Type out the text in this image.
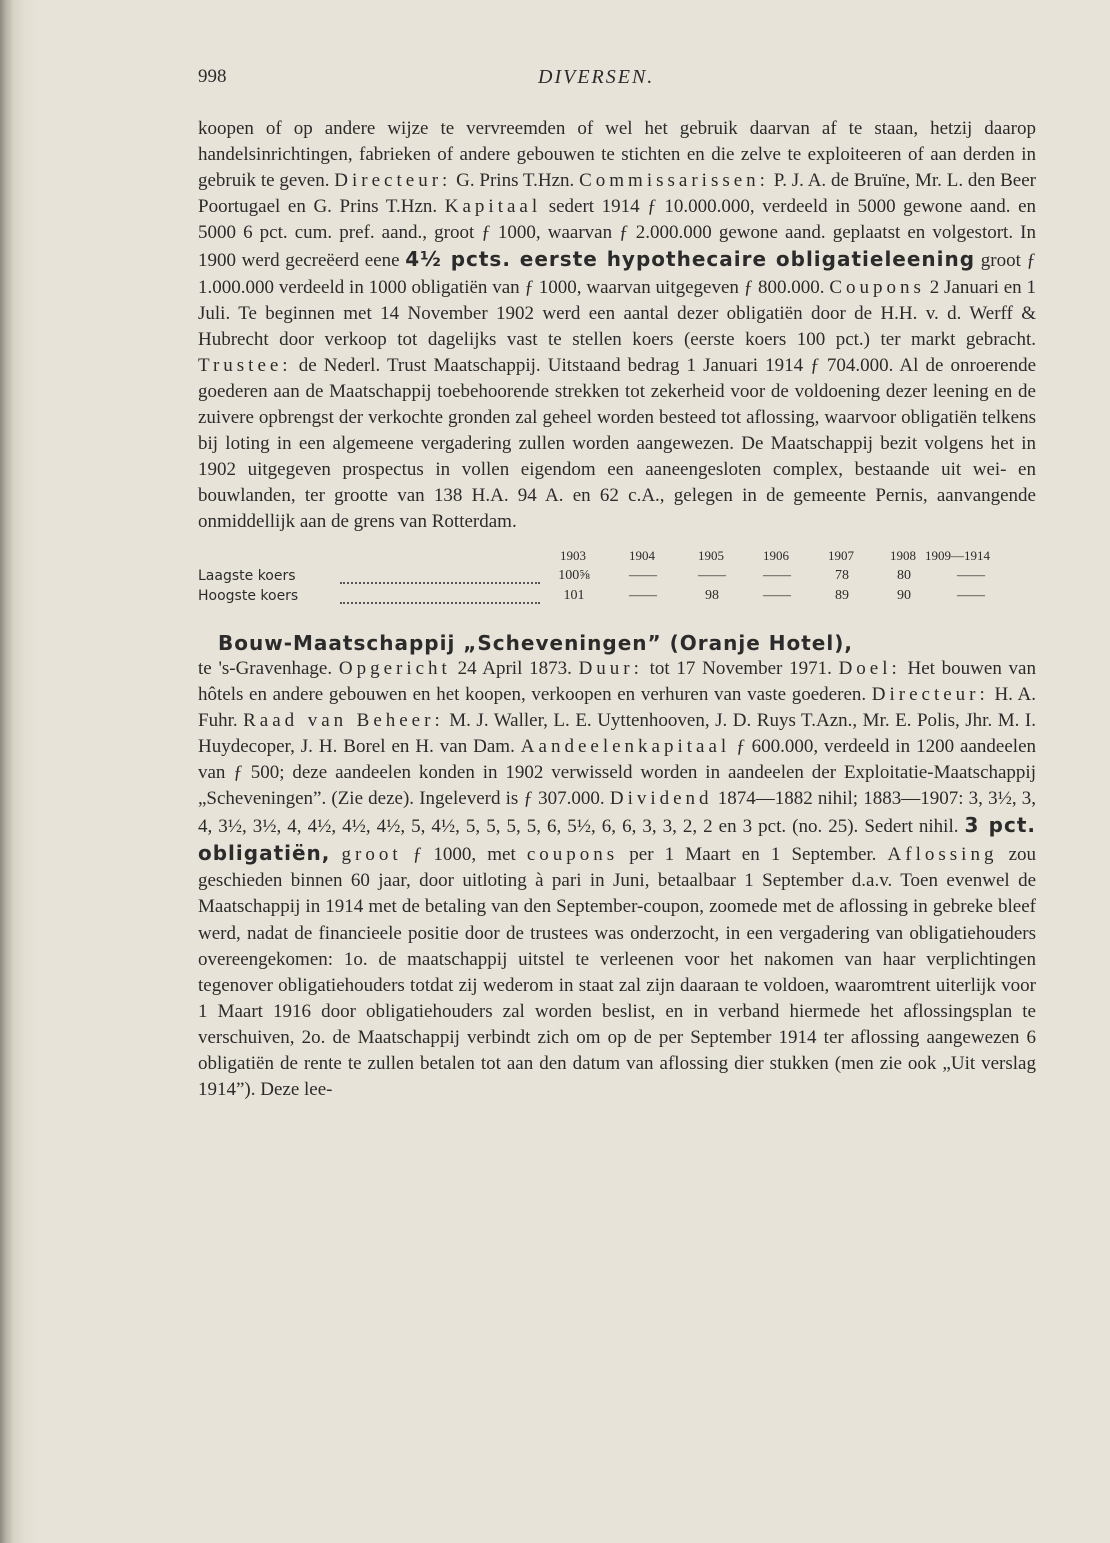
998	DIVERSEN.

koopen of op andere wijze te vervreemden of wel het gebruik daarvan af te staan, hetzij daarop handelsinrichtingen, fabrieken of andere gebouwen te stichten en die zelve te exploiteeren of aan derden in gebruik te geven. Directeur: G. Prins T.Hzn. Commissarissen: P. J. A. de Bruïne, Mr. L. den Beer Poortugael en G. Prins T.Hzn. Kapitaal sedert 1914 ƒ 10.000.000, verdeeld in 5000 gewone aand. en 5000 6 pct. cum. pref. aand., groot ƒ 1000, waarvan ƒ 2.000.000 gewone aand. geplaatst en volgestort. In 1900 werd gecreëerd eene 4½ pcts. eerste hypothecaire obligatieleening groot ƒ 1.000.000 verdeeld in 1000 obligatiën van ƒ 1000, waarvan uitgegeven ƒ 800.000. Coupons 2 Januari en 1 Juli. Te beginnen met 14 November 1902 werd een aantal dezer obligatiën door de H.H. v. d. Werff & Hubrecht door verkoop tot dagelijks vast te stellen koers (eerste koers 100 pct.) ter markt gebracht. Trustee: de Nederl. Trust Maatschappij. Uitstaand bedrag 1 Januari 1914 ƒ 704.000. Al de onroerende goederen aan de Maatschappij toebehoorende strekken tot zekerheid voor de voldoening dezer leening en de zuivere opbrengst der verkochte gronden zal geheel worden besteed tot aflossing, waarvoor obligatiën telkens bij loting in een algemeene vergadering zullen worden aangewezen. De Maatschappij bezit volgens het in 1902 uitgegeven prospectus in vollen eigendom een aaneengesloten complex, bestaande uit wei- en bouwlanden, ter grootte van 138 H.A. 94 A. en 62 c.A., gelegen in de gemeente Pernis, aanvangende onmiddellijk aan de grens van Rotterdam.

1903	1904	1905	1906	1907	1908 1909—1914
Laagste koers	100⅝	——	——	——	78	80	——
Hoogste koers	101	——	98	——	89	90	——
Bouw-Maatschappij „Scheveningen” (Oranje Hotel),

te 's-Gravenhage. Opgericht 24 April 1873. Duur: tot 17 November 1971. Doel: Het bouwen van hôtels en andere gebouwen en het koopen, verkoopen en verhuren van vaste goederen. Directeur: H. A. Fuhr. Raad van Beheer: M. J. Waller, L. E. Uyttenhooven, J. D. Ruys T.Azn., Mr. E. Polis, Jhr. M. I. Huydecoper, J. H. Borel en H. van Dam. Aandeelenkapitaal ƒ 600.000, verdeeld in 1200 aandeelen van ƒ 500; deze aandeelen konden in 1902 verwisseld worden in aandeelen der Exploitatie-Maatschappij „Scheveningen”. (Zie deze). Ingeleverd is ƒ 307.000. Dividend 1874—1882 nihil; 1883—1907: 3, 3½, 3, 4, 3½, 3½, 4, 4½, 4½, 4½, 5, 4½, 5, 5, 5, 5, 6, 5½, 6, 6, 3, 3, 2, 2 en 3 pct. (no. 25). Sedert nihil. 3 pct. obligatiën, groot ƒ 1000, met coupons per 1 Maart en 1 September. Aflossing zou geschieden binnen 60 jaar, door uitloting à pari in Juni, betaalbaar 1 September d.a.v. Toen evenwel de Maatschappij in 1914 met de betaling van den September-coupon, zoomede met de aflossing in gebreke bleef werd, nadat de financieele positie door de trustees was onderzocht, in een vergadering van obligatiehouders overeengekomen: 1o. de maatschappij uitstel te verleenen voor het nakomen van haar verplichtingen tegenover obligatiehouders totdat zij wederom in staat zal zijn daaraan te voldoen, waaromtrent uiterlijk voor 1 Maart 1916 door obligatiehouders zal worden beslist, en in verband hiermede het aflossingsplan te verschuiven, 2o. de Maatschappij verbindt zich om op de per September 1914 ter aflossing aangewezen 6 obligatiën de rente te zullen betalen tot aan den datum van aflossing dier stukken (men zie ook „Uit verslag 1914”). Deze lee-
